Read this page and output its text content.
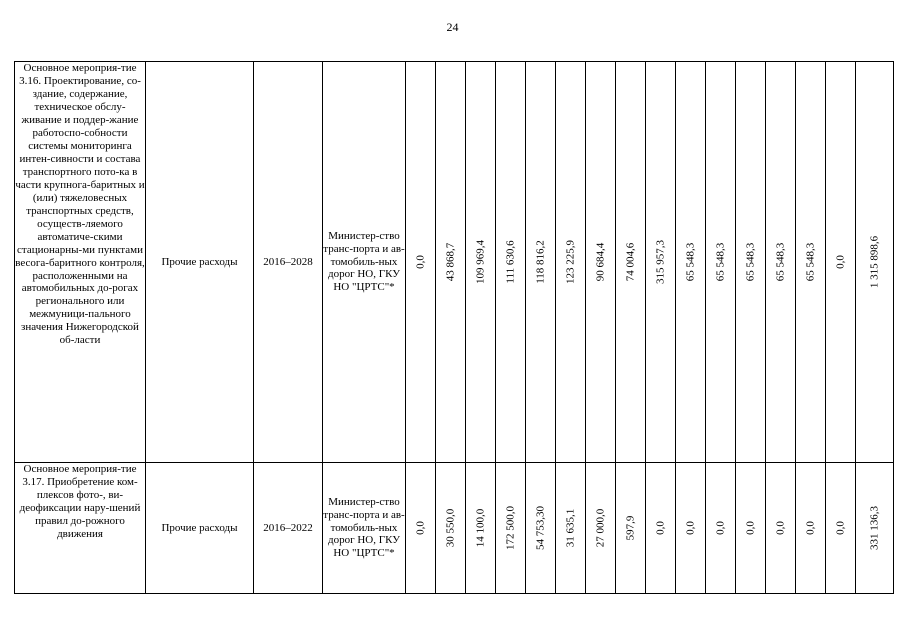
24
Основное мероприя-тие 3.16. Проектирование, со-здание, содержание, техническое обслу-живание и поддер-жание работоспо-собности системы мониторинга интен-сивности и состава транспортного пото-ка в части крупнога-баритных и (или) тяжеловесных транспортных средств, осуществ-ляемого автоматиче-скими стационарны-ми пунктами весога-баритного контроля, расположенными на автомобильных до-рогах регионального или межмуници-пального значения Нижегородской об-ласти	Прочие расходы	2016–2028	Министер-ство транс-порта и ав-томобиль-ных дорог НО, ГКУ НО "ЦРТС"*	0,0	43 868,7	109 969,4	111 630,6	118 816,2	123 225,9	90 684,4	74 004,6	315 957,3	65 548,3	65 548,3	65 548,3	65 548,3	65 548,3	0,0	1 315 898,6

Основное мероприя-тие 3.17. Приобретение ком-плексов фото-, ви-деофиксации нару-шений правил до-рожного движения	Прочие расходы	2016–2022	Министер-ство транс-порта и ав-томобиль-ных дорог НО, ГКУ НО "ЦРТС"*	0,0	30 550,0	14 100,0	172 500,0	54 753,30	31 635,1	27 000,0	597,9	0,0	0,0	0,0	0,0	0,0	0,0	0,0	331 136,3
